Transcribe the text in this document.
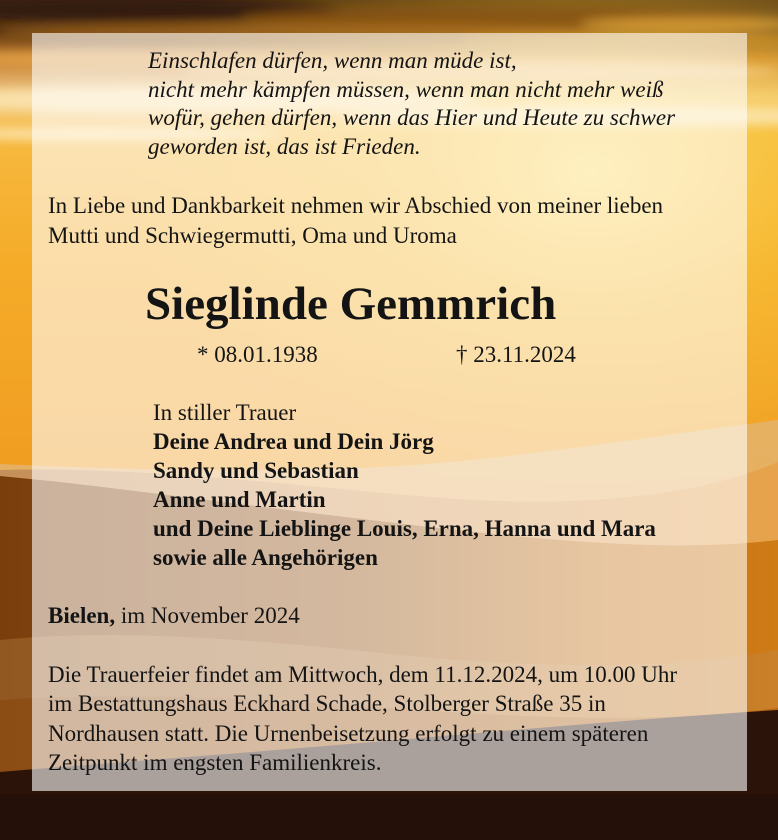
Einschlafen dürfen, wenn man müde ist,
nicht mehr kämpfen müssen, wenn man nicht mehr weiß
wofür, gehen dürfen, wenn das Hier und Heute zu schwer
geworden ist, das ist Frieden.
In Liebe und Dankbarkeit nehmen wir Abschied von meiner lieben
Mutti und Schwiegermutti, Oma und Uroma
Sieglinde Gemmrich
* 08.01.1938	† 23.11.2024
In stiller Trauer
Deine Andrea und Dein Jörg
Sandy und Sebastian
Anne und Martin
und Deine Lieblinge Louis, Erna, Hanna und Mara
sowie alle Angehörigen
Bielen, im November 2024
Die Trauerfeier findet am Mittwoch, dem 11.12.2024, um 10.00 Uhr
im Bestattungshaus Eckhard Schade, Stolberger Straße 35 in
Nordhausen statt. Die Urnenbeisetzung erfolgt zu einem späteren
Zeitpunkt im engsten Familienkreis.
